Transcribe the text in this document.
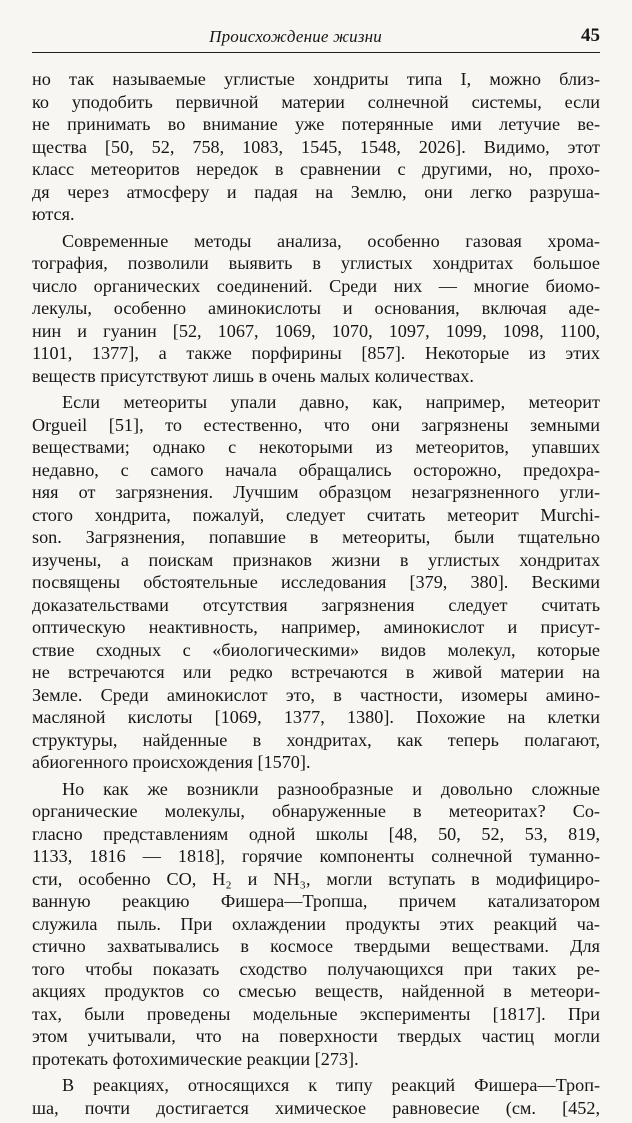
Происхождение жизни	45
но так называемые углистые хондриты типа I, можно близ-
ко уподобить первичной материи солнечной системы, если
не принимать во внимание уже потерянные ими летучие ве-
щества [50, 52, 758, 1083, 1545, 1548, 2026]. Видимо, этот
класс метеоритов нередок в сравнении с другими, но, прохо-
дя через атмосферу и падая на Землю, они легко разруша-
ются.
Современные методы анализа, особенно газовая хрома-
тография, позволили выявить в углистых хондритах большое
число органических соединений. Среди них — многие биомо-
лекулы, особенно аминокислоты и основания, включая аде-
нин и гуанин [52, 1067, 1069, 1070, 1097, 1099, 1098, 1100,
1101, 1377], а также порфирины [857]. Некоторые из этих
веществ присутствуют лишь в очень малых количествах.
Если метеориты упали давно, как, например, метеорит
Orgueil [51], то естественно, что они загрязнены земными
веществами; однако с некоторыми из метеоритов, упавших
недавно, с самого начала обращались осторожно, предохра-
няя от загрязнения. Лучшим образцом незагрязненного угли-
стого хондрита, пожалуй, следует считать метеорит Murchi-
son. Загрязнения, попавшие в метеориты, были тщательно
изучены, а поискам признаков жизни в углистых хондритах
посвящены обстоятельные исследования [379, 380]. Вескими
доказательствами отсутствия загрязнения следует считать
оптическую неактивность, например, аминокислот и присут-
ствие сходных с «биологическими» видов молекул, которые
не встречаются или редко встречаются в живой материи на
Земле. Среди аминокислот это, в частности, изомеры амино-
масляной кислоты [1069, 1377, 1380]. Похожие на клетки
структуры, найденные в хондритах, как теперь полагают,
абиогенного происхождения [1570].
Но как же возникли разнообразные и довольно сложные
органические молекулы, обнаруженные в метеоритах? Со-
гласно представлениям одной школы [48, 50, 52, 53, 819,
1133, 1816 — 1818], горячие компоненты солнечной туманно-
сти, особенно CO, H₂ и NH₃, могли вступать в модифициро-
ванную реакцию Фишера—Тропша, причем катализатором
служила пыль. При охлаждении продукты этих реакций ча-
стично захватывались в космосе твердыми веществами. Для
того чтобы показать сходство получающихся при таких ре-
акциях продуктов со смесью веществ, найденной в метеори-
тах, были проведены модельные эксперименты [1817]. При
этом учитывали, что на поверхности твердых частиц могли
протекать фотохимические реакции [273].
В реакциях, относящихся к типу реакций Фишера—Троп-
ша, почти достигается химическое равновесие (см. [452,
